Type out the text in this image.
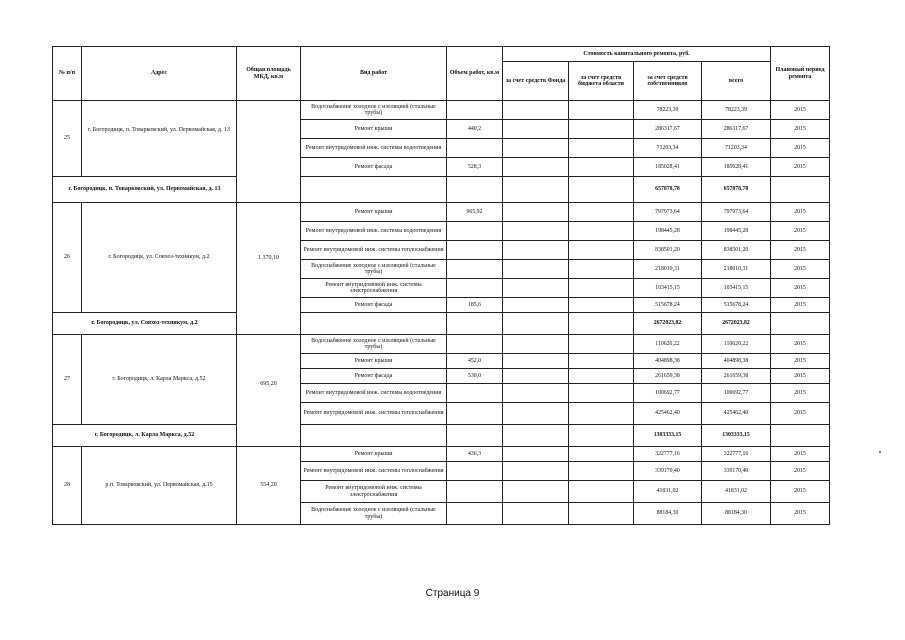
№ п/п	Адрес	Общая площадь МКД, кв.м	Вид работ	Объем работ, кв.м	Стоимость капитального ремонта, руб.				Плановый период ремонта
					за счет средств Фонда	за счет средств бюджета области	за счет средств собственников	всего	
25	г. Богородицк, п. Товарковский, ул. Первомайская, д. 13		Водоснабжение холодное с изоляцией (стальные трубы)				78223,39	78223,39	2015
			Ремонт крыши	440,2			286317,67	286317,67	2015
			Ремонт внутридомовой инж. системы водоотведения				71203,34	71203,34	2015
			Ремонт фасада	528,3			185028,41	185028,41	2015
г. Богородицк, п. Товарковский, ул. Первомайская, д. 13							657878,78	657878,78	
26	г. Богородицк, ул. Совхоз-техникум, д.2	1 370,10	Ремонт крыши	965,92			797973,64	797973,64	2015
			Ремонт внутридомовой инж. системы водоотведения				198445,28	198445,28	2015
			Ремонт внутридомовой инж. системы теплоснабжения				838501,20	838501,20	2015
			Водоснабжение холодное с изоляцией (стальные трубы)				218010,31	218010,31	2015
			Ремонт внутридомовой инж. системы электроснабжения				103415,15	103415,15	2015
			Ремонт фасада	185,6			515678,24	515678,24	2015
г. Богородицк, ул. Совхоз-техникум, д.2							2672023,82	2672023,82	
27	г. Богородицк, л. Карла Маркса, д.52	695,20	Водоснабжение холодное с изоляцией (стальные трубы)				110620,22	110620,22	2015
			Ремонт крыши	452,0			404898,38	404898,38	2015
			Ремонт фасада	530,0			261659,38	261659,38	2015
			Ремонт внутридомовой инж. системы водоотведения				100692,77	100692,77	2015
			Ремонт внутридомовой инж. системы теплоснабжения				425462,40	425462,40	2015
г. Богородицк, л. Карла Маркса, д.52							1303333,15	1303333,15	
28	р.п. Товарковский, ул. Первомайская, д.15	554,20	Ремонт крыши	436,3			322777,16	322777,16	2015
			Ремонт внутридомовой инж. системы теплоснабжения				339170,40	339170,40	2015
			Ремонт внутридомовой инж. системы электроснабжения				41831,02	41831,02	2015
			Водоснабжение холодное с изоляцией (стальные трубы)				88184,30	88184,30	2015
Страница 9
